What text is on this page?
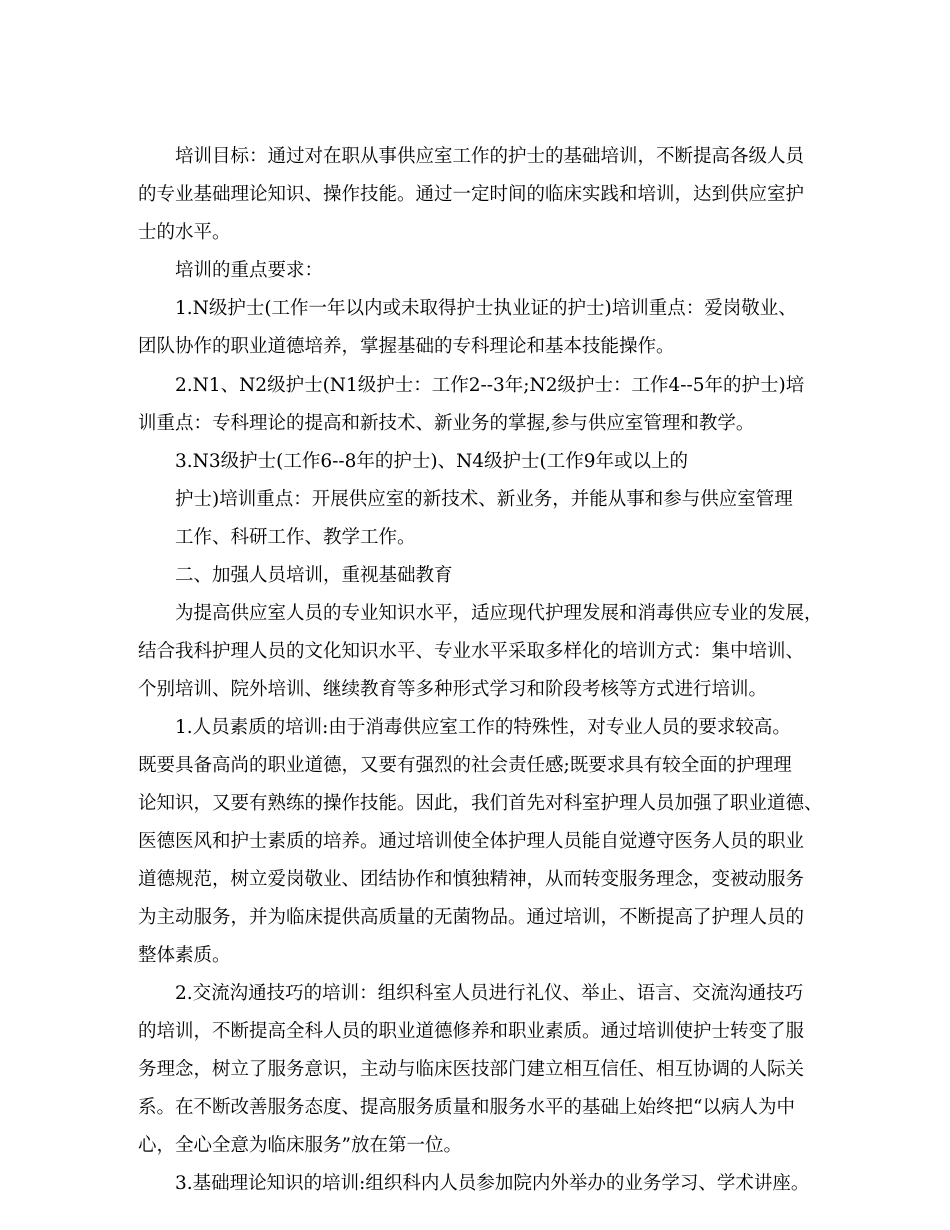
培训目标：通过对在职从事供应室工作的护士的基础培训，不断提高各级人员
的专业基础理论知识、操作技能。通过一定时间的临床实践和培训，达到供应室护
士的水平。
培训的重点要求：
1.N级护士(工作一年以内或未取得护士执业证的护士)培训重点：爱岗敬业、
团队协作的职业道德培养，掌握基础的专科理论和基本技能操作。
2.N1、N2级护士(N1级护士：工作2--3年;N2级护士：工作4--5年的护士)培
训重点：专科理论的提高和新技术、新业务的掌握,参与供应室管理和教学。
3.N3级护士(工作6--8年的护士)、N4级护士(工作9年或以上的
护士)培训重点：开展供应室的新技术、新业务，并能从事和参与供应室管理
工作、科研工作、教学工作。
二、加强人员培训，重视基础教育
为提高供应室人员的专业知识水平，适应现代护理发展和消毒供应专业的发展，
结合我科护理人员的文化知识水平、专业水平采取多样化的培训方式：集中培训、
个别培训、院外培训、继续教育等多种形式学习和阶段考核等方式进行培训。
1.人员素质的培训:由于消毒供应室工作的特殊性，对专业人员的要求较高。
既要具备高尚的职业道德，又要有强烈的社会责任感;既要求具有较全面的护理理
论知识，又要有熟练的操作技能。因此，我们首先对科室护理人员加强了职业道德、
医德医风和护士素质的培养。通过培训使全体护理人员能自觉遵守医务人员的职业
道德规范，树立爱岗敬业、团结协作和慎独精神，从而转变服务理念，变被动服务
为主动服务，并为临床提供高质量的无菌物品。通过培训，不断提高了护理人员的
整体素质。
2.交流沟通技巧的培训：组织科室人员进行礼仪、举止、语言、交流沟通技巧
的培训，不断提高全科人员的职业道德修养和职业素质。通过培训使护士转变了服
务理念，树立了服务意识，主动与临床医技部门建立相互信任、相互协调的人际关
系。在不断改善服务态度、提高服务质量和服务水平的基础上始终把“以病人为中
心，全心全意为临床服务”放在第一位。
3.基础理论知识的培训:组织科内人员参加院内外举办的业务学习、学术讲座。
